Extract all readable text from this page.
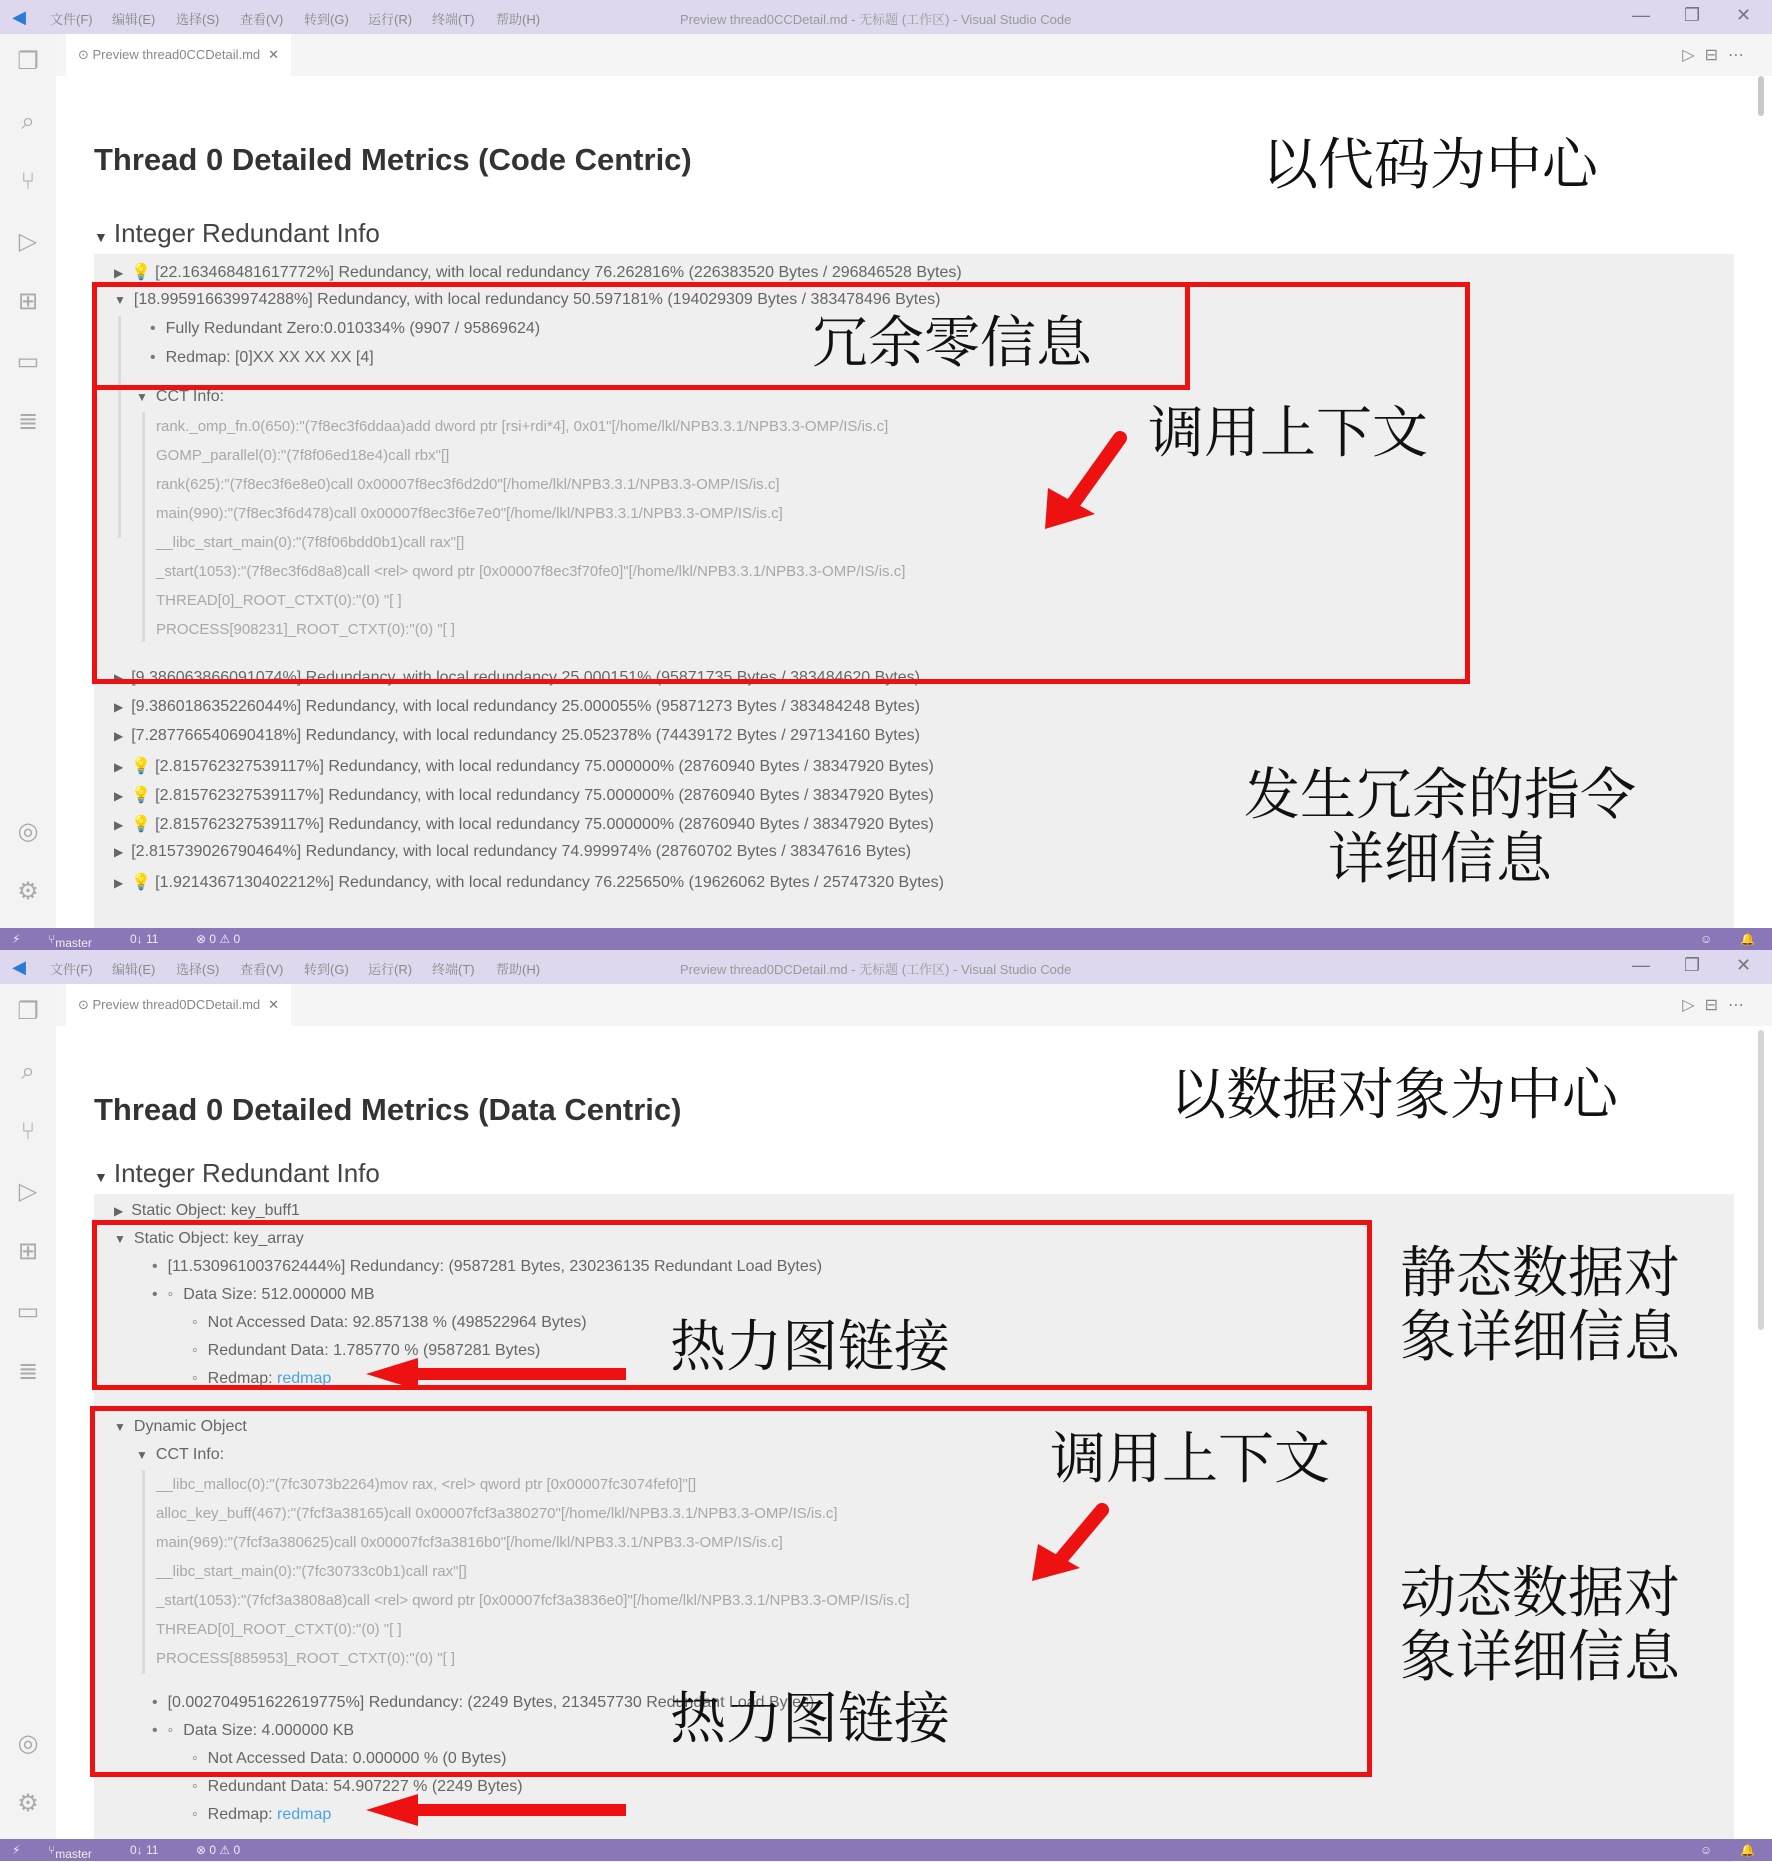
◀	文件(F) 编辑(E) 选择(S) 查看(V) 转到(G) 运行(R) 终端(T) 帮助(H)	Preview thread0CCDetail.md - 无标题 (工作区) - Visual Studio Code	— ❐ ✕
❐
⌕
⑂
▷
⊞
▭
≣
◎
⚙
⊙ Preview thread0CCDetail.md ✕	▷⊟⋯
Thread 0 Detailed Metrics (Code Centric)
▼ Integer Redundant Info
▶ 💡 [22.163468481617772%] Redundancy, with local redundancy 76.262816% (226383520 Bytes / 296846528 Bytes)
▼ [18.995916639974288%] Redundancy, with local redundancy 50.597181% (194029309 Bytes / 383478496 Bytes)
• Fully Redundant Zero:0.010334% (9907 / 95869624)
• Redmap: [0]XX XX XX XX [4]
▼ CCT Info:
rank._omp_fn.0(650):"(7f8ec3f6ddaa)add dword ptr [rsi+rdi*4], 0x01"[/home/lkl/NPB3.3.1/NPB3.3-OMP/IS/is.c]
GOMP_parallel(0):"(7f8f06ed18e4)call rbx"[]
rank(625):"(7f8ec3f6e8e0)call 0x00007f8ec3f6d2d0"[/home/lkl/NPB3.3.1/NPB3.3-OMP/IS/is.c]
main(990):"(7f8ec3f6d478)call 0x00007f8ec3f6e7e0"[/home/lkl/NPB3.3.1/NPB3.3-OMP/IS/is.c]
__libc_start_main(0):"(7f8f06bdd0b1)call rax"[]
_start(1053):"(7f8ec3f6d8a8)call <rel> qword ptr [0x00007f8ec3f70fe0]"[/home/lkl/NPB3.3.1/NPB3.3-OMP/IS/is.c]
THREAD[0]_ROOT_CTXT(0):"(0) "[ ]
PROCESS[908231]_ROOT_CTXT(0):"(0) "[ ]
▶ [9.386063866091074%] Redundancy, with local redundancy 25.000151% (95871735 Bytes / 383484620 Bytes)
▶ [9.386018635226044%] Redundancy, with local redundancy 25.000055% (95871273 Bytes / 383484248 Bytes)
▶ [7.287766540690418%] Redundancy, with local redundancy 25.052378% (74439172 Bytes / 297134160 Bytes)
▶ 💡 [2.815762327539117%] Redundancy, with local redundancy 75.000000% (28760940 Bytes / 38347920 Bytes)
▶ 💡 [2.815762327539117%] Redundancy, with local redundancy 75.000000% (28760940 Bytes / 38347920 Bytes)
▶ 💡 [2.815762327539117%] Redundancy, with local redundancy 75.000000% (28760940 Bytes / 38347920 Bytes)
▶ [2.815739026790464%] Redundancy, with local redundancy 74.999974% (28760702 Bytes / 38347616 Bytes)
▶ 💡 [1.9214367130402212%] Redundancy, with local redundancy 76.225650% (19626062 Bytes / 25747320 Bytes)
以代码为中心
冗余零信息
调用上下文
发生冗余的指令
详细信息
⚡ ⑂ master	0↓ 11	⊗ 0 ⚠ 0	☺ 🔔
◀	文件(F) 编辑(E) 选择(S) 查看(V) 转到(G) 运行(R) 终端(T) 帮助(H)	Preview thread0DCDetail.md - 无标题 (工作区) - Visual Studio Code	— ❐ ✕
❐
⌕
⑂
▷
⊞
▭
≣
◎
⚙
⊙ Preview thread0DCDetail.md ✕	▷⊟⋯
Thread 0 Detailed Metrics (Data Centric)
▼ Integer Redundant Info
▶ Static Object: key_buff1
▼ Static Object: key_array
• [11.530961003762444%] Redundancy: (9587281 Bytes, 230236135 Redundant Load Bytes)
• ◦ Data Size: 512.000000 MB
◦ Not Accessed Data: 92.857138 % (498522964 Bytes)
◦ Redundant Data: 1.785770 % (9587281 Bytes)
◦ Redmap: redmap
▼ Dynamic Object
▼ CCT Info:
__libc_malloc(0):"(7fc3073b2264)mov rax, <rel> qword ptr [0x00007fc3074fef0]"[]
alloc_key_buff(467):"(7fcf3a38165)call 0x00007fcf3a380270"[/home/lkl/NPB3.3.1/NPB3.3-OMP/IS/is.c]
main(969):"(7fcf3a380625)call 0x00007fcf3a3816b0"[/home/lkl/NPB3.3.1/NPB3.3-OMP/IS/is.c]
__libc_start_main(0):"(7fc30733c0b1)call rax"[]
_start(1053):"(7fcf3a3808a8)call <rel> qword ptr [0x00007fcf3a3836e0]"[/home/lkl/NPB3.3.1/NPB3.3-OMP/IS/is.c]
THREAD[0]_ROOT_CTXT(0):"(0) "[ ]
PROCESS[885953]_ROOT_CTXT(0):"(0) "[ ]
• [0.002704951622619775%] Redundancy: (2249 Bytes, 213457730 Redundant Load Bytes)
• ◦ Data Size: 4.000000 KB
◦ Not Accessed Data: 0.000000 % (0 Bytes)
◦ Redundant Data: 54.907227 % (2249 Bytes)
◦ Redmap: redmap
以数据对象为中心
静态数据对
象详细信息
热力图链接
调用上下文
动态数据对
象详细信息
热力图链接
⚡ ⑂ master	0↓ 11	⊗ 0 ⚠ 0	☺ 🔔
